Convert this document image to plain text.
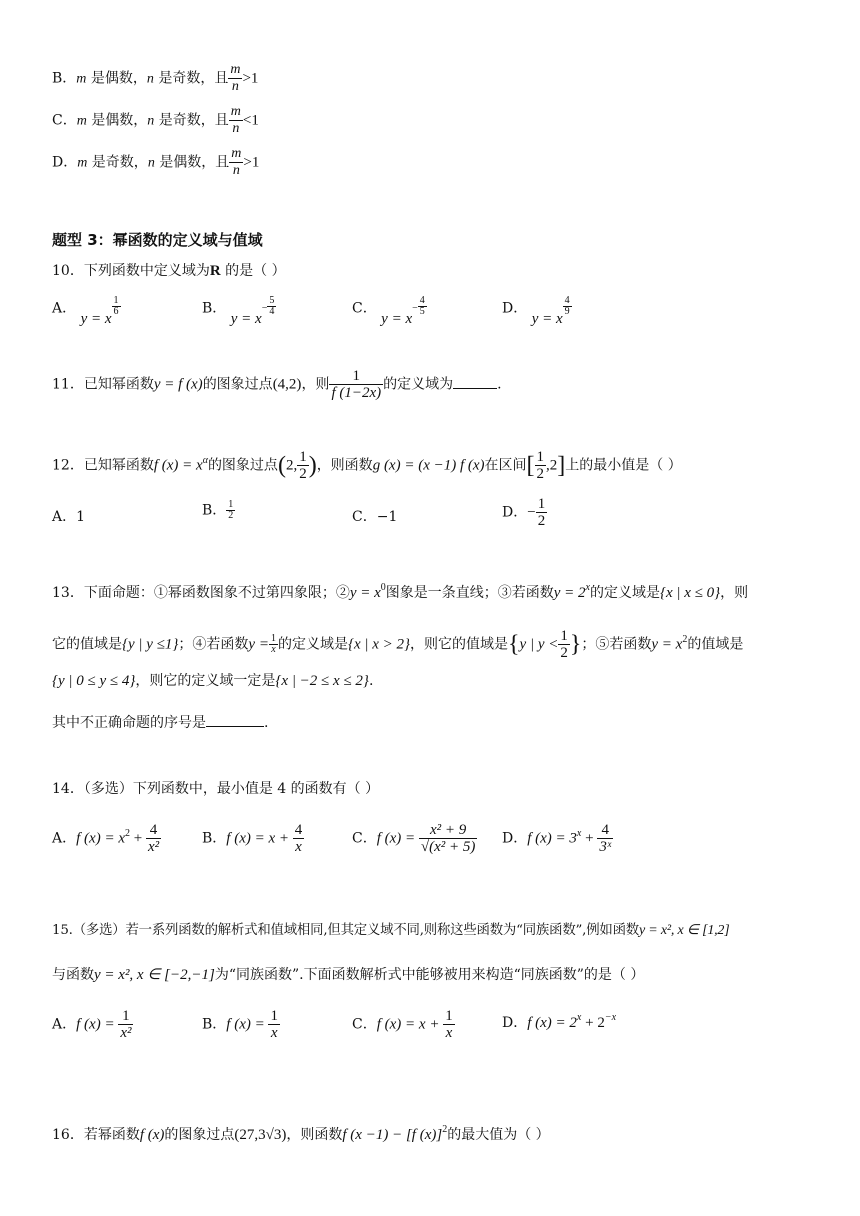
B．m 是偶数，n 是奇数，且 $\frac{m}{n} >1$
C．m 是偶数，n 是奇数，且 $\frac{m}{n} <1$
D．m 是奇数，n 是偶数，且 $\frac{m}{n} >1$
题型 3：幂函数的定义域与值域
10．下列函数中定义域为R 的是（ ）
A． y = x
$\frac{1}{6}$	B． $y = x- \frac{5}{4}$	C． $y = x- \frac{4}{5}$	D． y = x
$\frac{4}{9}$
11．已知幂函数y = f (x)的图象过点(4,2)，则 $\frac{1}{f (1-2x)}$ 的定义域为	.
12．已知幂函数f $(x) = x^\alpha$的图象过点(2, $\frac{1}{2}$ )，则函数g (x) = (x −1) f (x)在区间[ $\frac{1}{2} ,2$]上的最小值是（ ）
A．1	B． $\frac{1}{2}$	C．−1	D．− $\frac{1}{2}$
13．下面命题：①幂函数图象不过第四象限；②y = $x^0$图象是一条直线；③若函数$y = 2^x$的定义域是{x | x ≤ 0}，则
它的值域是{y | y ≤1}；④若函数$y = \frac{1}{x}$ 的定义域是{x | x > 2}，则它的值域是{y | $y < \frac{1}{2}$ }；⑤若函数$y = x^2$的值域是
{y | 0 ≤ y ≤ 4}，则它的定义域一定是{x | −2 ≤ x ≤ 2}.
其中不正确命题的序号是	.
14．（多选）下列函数中，最小值是 4 的函数有（ ）
A．f $(x) = x^2 + \frac{4}{\text{x²}}$	B．f $(x) = x + \frac{4}{x}$	C．f $(x) = \frac{\text{x² + 9}}{\text{√(x² + 5)}}$ D．f $(x) = 3^x + \frac{4}{\text{3ˣ}}$
15.（多选）若一系列函数的解析式和值域相同,但其定义域不同,则称这些函数为“同族函数”,例如函数y = x², x ∈ [1,2]
与函数y = x², x ∈ [−2,−1]为“同族函数”.下面函数解析式中能够被用来构造“同族函数”的是（ ）
A．f $(x) = \frac{1}{\text{x²}}$	B．f $(x) = \frac{1}{x}$	C．f $(x) = x + \frac{1}{x}$	D．f $(x) = 2^x + 2^{-x}$
16．若幂函数f (x)的图象过点(27,3√3)，则函数f (x −1) − [f (x)]$^2$的最大值为（ ）
